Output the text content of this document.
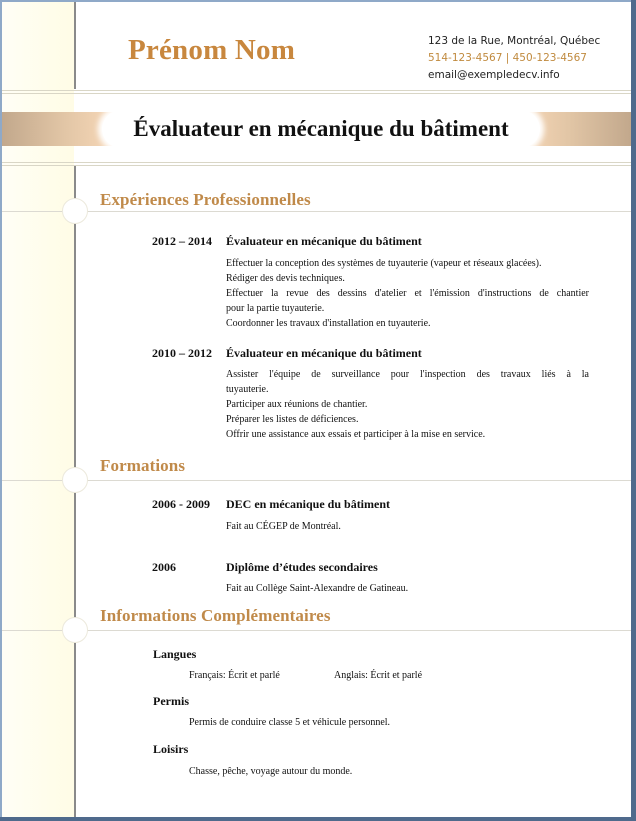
Prénom Nom	123 de la Rue, Montréal, Québec
514-123-4567 | 450-123-4567
email@exempledecv.info
Évaluateur en mécanique du bâtiment
Expériences Professionnelles
2012 – 2014 Évaluateur en mécanique du bâtiment
Effectuer la conception des systèmes de tuyauterie (vapeur et réseaux glacées).
Rédiger des devis techniques.
Effectuer la revue des dessins d'atelier et l'émission d'instructions de chantier
pour la partie tuyauterie.
Coordonner les travaux d'installation en tuyauterie.
2010 – 2012 Évaluateur en mécanique du bâtiment
Assister l'équipe de surveillance pour l'inspection des travaux liés à la
tuyauterie.
Participer aux réunions de chantier.
Préparer les listes de déficiences.
Offrir une assistance aux essais et participer à la mise en service.
Formations
2006 - 2009 DEC en mécanique du bâtiment
Fait au CÉGEP de Montréal.
2006	Diplôme d’études secondaires
Fait au Collège Saint-Alexandre de Gatineau.
Informations Complémentaires
Langues
Français: Écrit et parlé	Anglais: Écrit et parlé
Permis
Permis de conduire classe 5 et véhicule personnel.
Loisirs
Chasse, pêche, voyage autour du monde.
